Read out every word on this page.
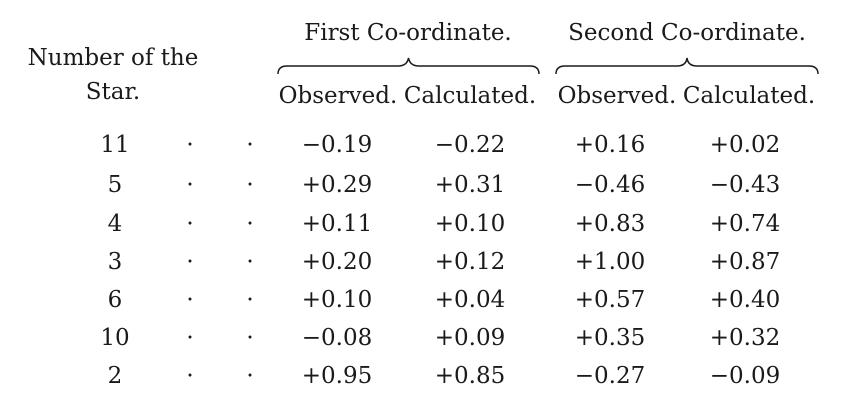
Number of the
Star.
First Co-ordinate. Second Co-ordinate.
Observed. Calculated. Observed. Calculated.
11	· ·	−0.19	−0.22	+0.16	+0.02
5	· ·	+0.29	+0.31	−0.46	−0.43
4	· ·	+0.11	+0.10	+0.83	+0.74
3	· ·	+0.20	+0.12	+1.00	+0.87
6	· ·	+0.10	+0.04	+0.57	+0.40
10	· ·	−0.08	+0.09	+0.35	+0.32
2	· ·	+0.95	+0.85	−0.27	−0.09
